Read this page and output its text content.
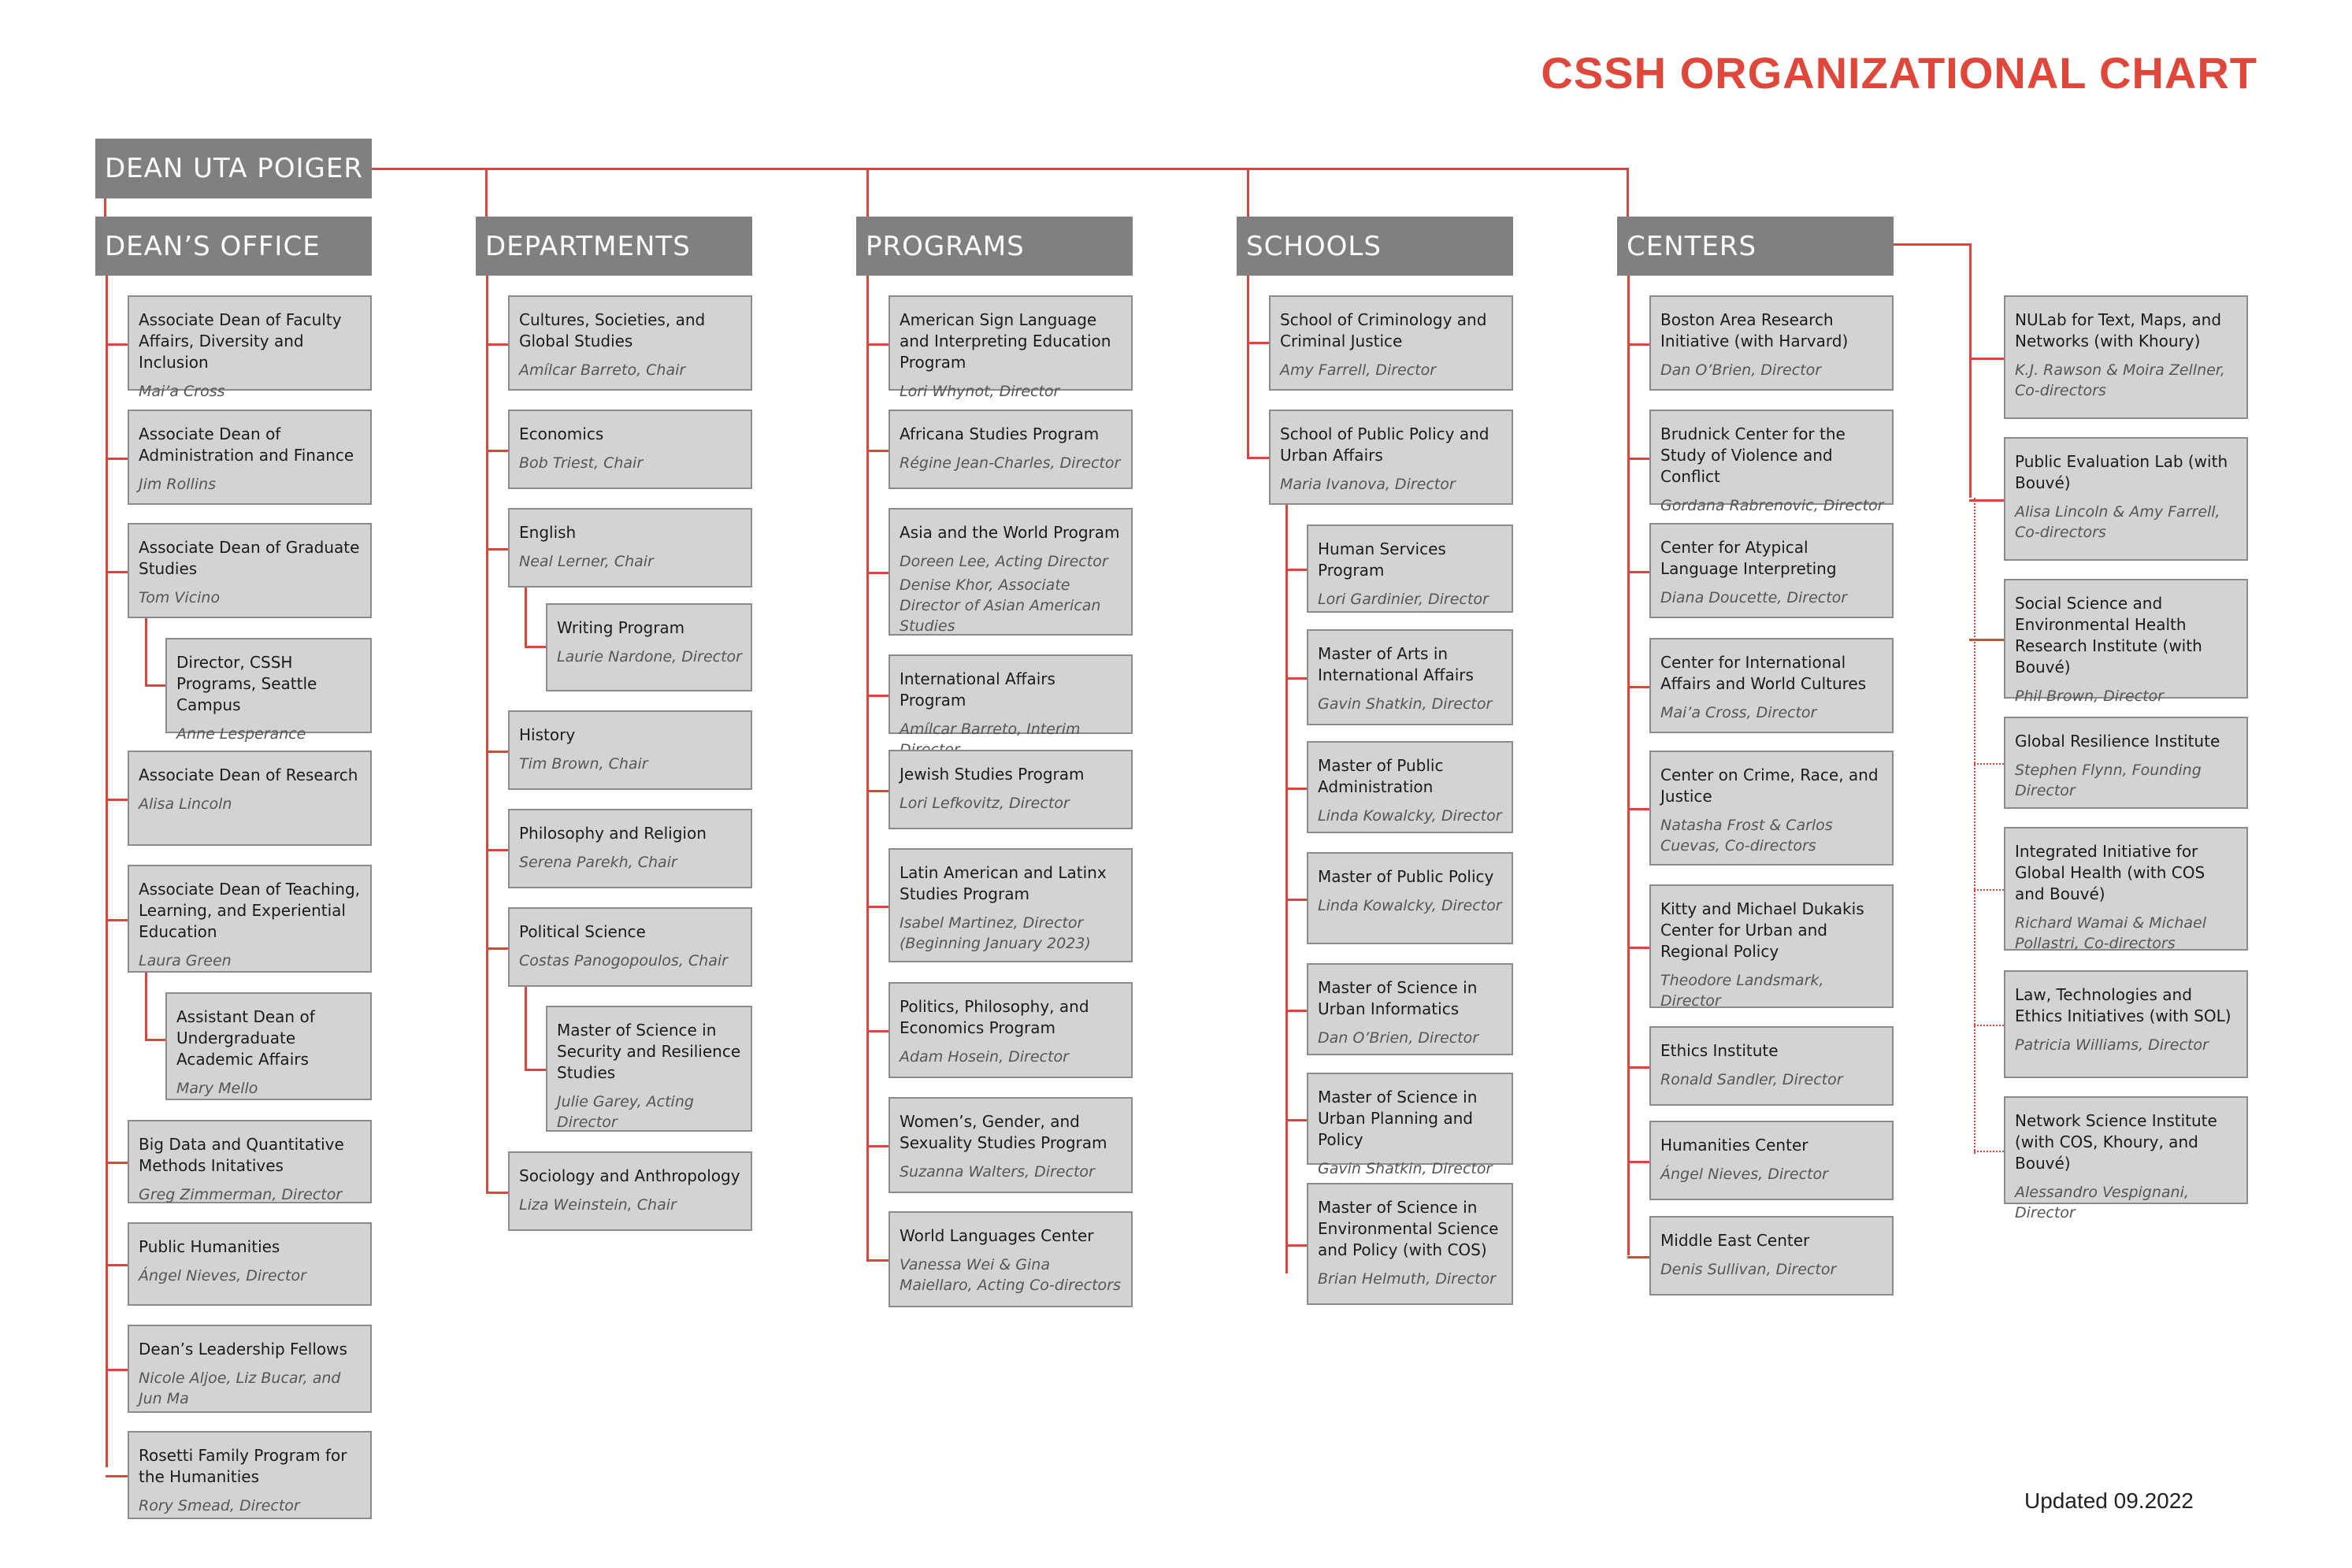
CSSH ORGANIZATIONAL CHART
Updated 09.2022
DEAN UTA POIGER
DEAN’S OFFICE	DEPARTMENTS	PROGRAMS	SCHOOLS	CENTERS
Associate Dean of Faculty Affairs, Diversity and Inclusion
Mai’a Cross
Associate Dean of Administration and Finance
Jim Rollins
Associate Dean of Graduate Studies
Tom Vicino
Director, CSSH Programs, Seattle Campus
Anne Lesperance
Associate Dean of Research
Alisa Lincoln
Associate Dean of Teaching, Learning, and Experiential Education
Laura Green
Assistant Dean of Undergraduate Academic Affairs
Mary Mello
Big Data and Quantitative Methods Initatives
Greg Zimmerman, Director
Public Humanities
Ángel Nieves, Director
Dean’s Leadership Fellows
Nicole Aljoe, Liz Bucar, and Jun Ma
Rosetti Family Program for the Humanities
Rory Smead, Director
Cultures, Societies, and Global Studies
Amílcar Barreto, Chair
Economics
Bob Triest, Chair
English
Neal Lerner, Chair
Writing Program
Laurie Nardone, Director
History
Tim Brown, Chair
Philosophy and Religion
Serena Parekh, Chair
Political Science
Costas Panogopoulos, Chair
Master of Science in Security and Resilience Studies
Julie Garey, Acting Director
Sociology and Anthropology
Liza Weinstein, Chair
American Sign Language and Interpreting Education Program
Lori Whynot, Director
Africana Studies Program
Régine Jean-Charles, Director
Asia and the World Program
Doreen Lee, Acting Director
Denise Khor, Associate Director of Asian American Studies
International Affairs Program
Amílcar Barreto, Interim
Jewish Studies Program
Lori Lefkovitz, Director
Latin American and Latinx Studies Program
Isabel Martinez, Director (Beginning January 2023)
Politics, Philosophy, and Economics Program
Adam Hosein, Director
Women’s, Gender, and Sexuality Studies Program
Suzanna Walters, Director
World Languages Center
Vanessa Wei & Gina Maiellaro, Acting Co-directors
School of Criminology and Criminal Justice
Amy Farrell, Director
School of Public Policy and Urban Affairs
Maria Ivanova, Director
Human Services Program
Lori Gardinier, Director
Master of Arts in International Affairs
Gavin Shatkin, Director
Master of Public Administration
Linda Kowalcky, Director
Master of Public Policy
Linda Kowalcky, Director
Master of Science in Urban Informatics
Dan O’Brien, Director
Master of Science in Urban Planning and Policy
Gavin Shatkin, Director
Master of Science in Environmental Science and Policy (with COS)
Brian Helmuth, Director
Boston Area Research Initiative (with Harvard)
Dan O’Brien, Director
Brudnick Center for the Study of Violence and Conflict
Gordana Rabrenovic, Director
Center for Atypical Language Interpreting
Diana Doucette, Director
Center for International Affairs and World Cultures
Mai’a Cross, Director
Center on Crime, Race, and Justice
Natasha Frost & Carlos Cuevas, Co-directors
Kitty and Michael Dukakis Center for Urban and Regional Policy
Theodore Landsmark, Director
Ethics Institute
Ronald Sandler, Director
Humanities Center
Ángel Nieves, Director
Middle East Center
Denis Sullivan, Director
NULab for Text, Maps, and Networks (with Khoury)
K.J. Rawson & Moira Zellner, Co-directors
Public Evaluation Lab (with Bouvé)
Alisa Lincoln & Amy Farrell, Co-directors
Social Science and Environmental Health Research Institute (with Bouvé)
Phil Brown, Director
Global Resilience Institute
Stephen Flynn, Founding Director
Integrated Initiative for Global Health (with COS and Bouvé)
Richard Wamai & Michael Pollastri, Co-directors
Law, Technologies and Ethics Initiatives (with SOL)
Patricia Williams, Director
Network Science Institute (with COS, Khoury, and Bouvé)
Alessandro Vespignani, Director
